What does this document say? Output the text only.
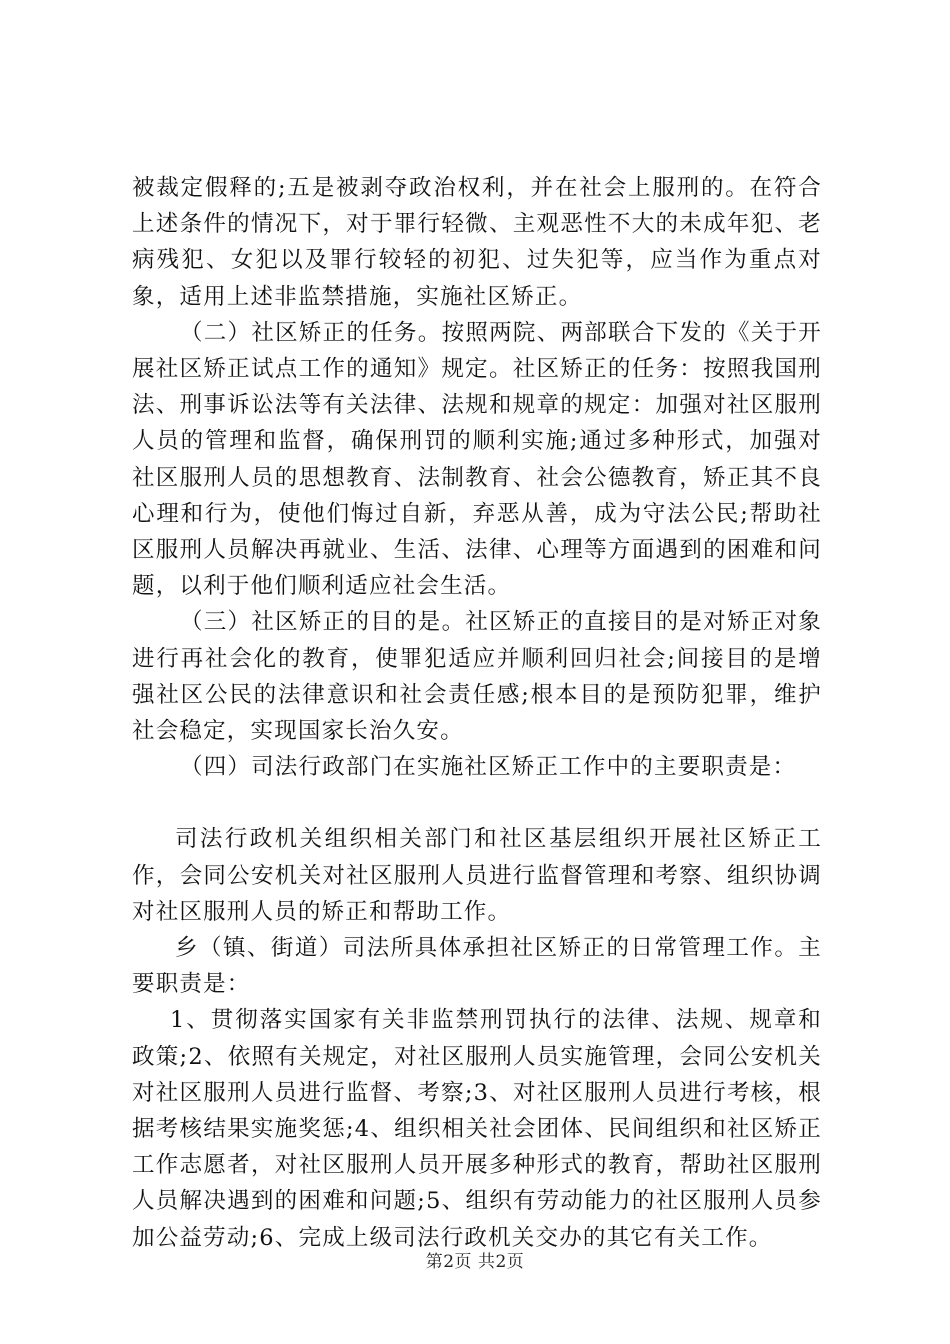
被裁定假释的;五是被剥夺政治权利，并在社会上服刑的。在符合上述条件的情况下，对于罪行轻微、主观恶性不大的未成年犯、老病残犯、女犯以及罪行较轻的初犯、过失犯等，应当作为重点对象，适用上述非监禁措施，实施社区矫正。

（二）社区矫正的任务。按照两院、两部联合下发的《关于开展社区矫正试点工作的通知》规定。社区矫正的任务：按照我国刑法、刑事诉讼法等有关法律、法规和规章的规定：加强对社区服刑人员的管理和监督，确保刑罚的顺利实施;通过多种形式，加强对社区服刑人员的思想教育、法制教育、社会公德教育，矫正其不良心理和行为，使他们悔过自新，弃恶从善，成为守法公民;帮助社区服刑人员解决再就业、生活、法律、心理等方面遇到的困难和问题，以利于他们顺利适应社会生活。

（三）社区矫正的目的是。社区矫正的直接目的是对矫正对象进行再社会化的教育，使罪犯适应并顺利回归社会;间接目的是增强社区公民的法律意识和社会责任感;根本目的是预防犯罪，维护社会稳定，实现国家长治久安。

（四）司法行政部门在实施社区矫正工作中的主要职责是：

司法行政机关组织相关部门和社区基层组织开展社区矫正工作，会同公安机关对社区服刑人员进行监督管理和考察、组织协调对社区服刑人员的矫正和帮助工作。

乡（镇、街道）司法所具体承担社区矫正的日常管理工作。主要职责是：

1、贯彻落实国家有关非监禁刑罚执行的法律、法规、规章和政策;2、依照有关规定，对社区服刑人员实施管理，会同公安机关对社区服刑人员进行监督、考察;3、对社区服刑人员进行考核，根据考核结果实施奖惩;4、组织相关社会团体、民间组织和社区矫正工作志愿者，对社区服刑人员开展多种形式的教育，帮助社区服刑人员解决遇到的困难和问题;5、组织有劳动能力的社区服刑人员参加公益劳动;6、完成上级司法行政机关交办的其它有关工作。

第2页 共2页
